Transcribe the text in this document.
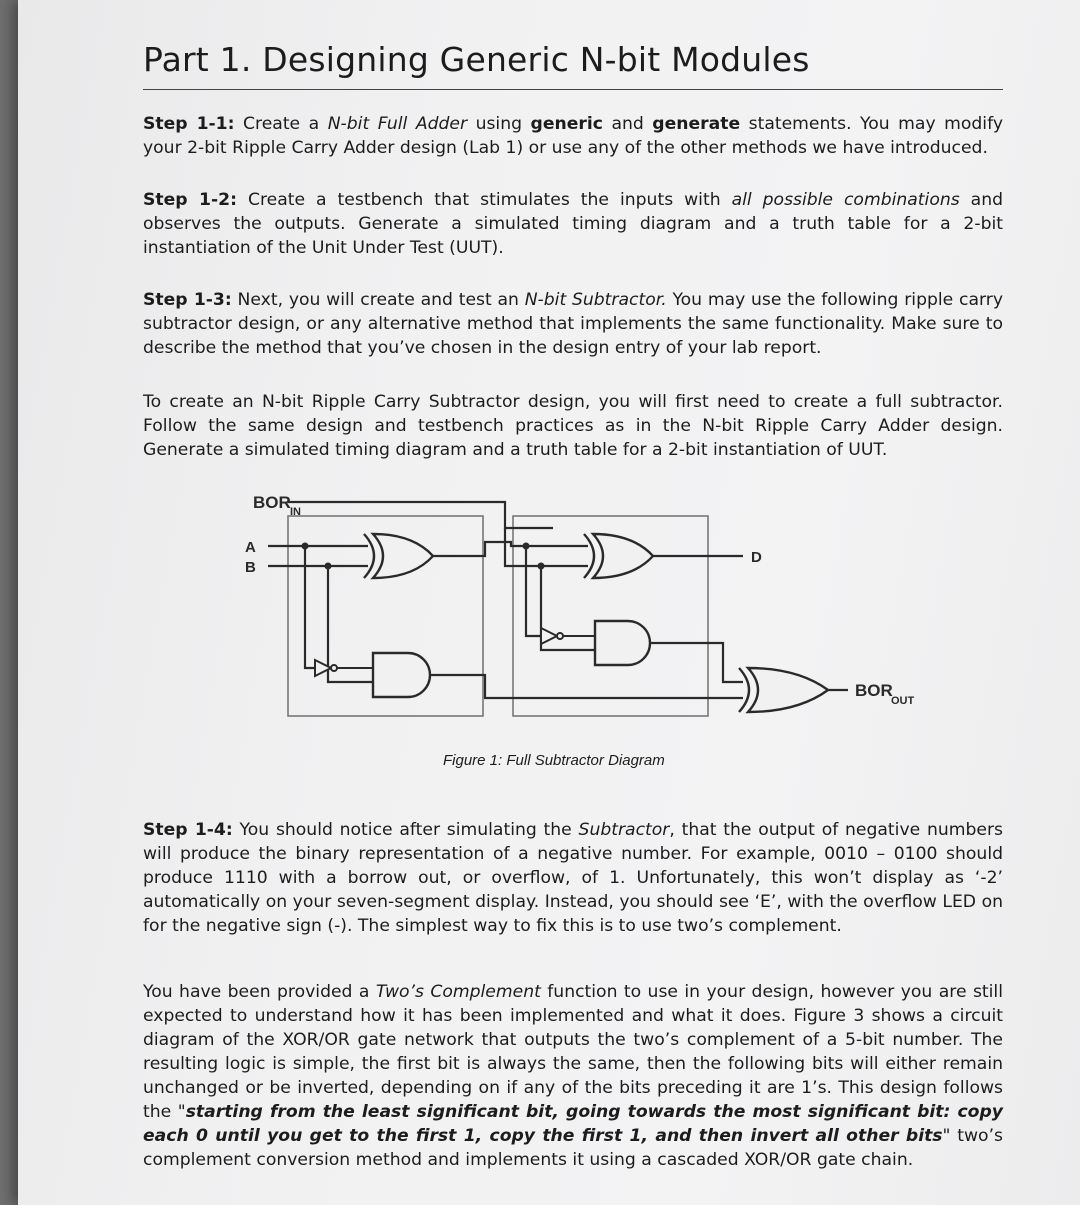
Part 1. Designing Generic N-bit Modules

Step 1-1: Create a N-bit Full Adder using generic and generate statements. You may modify your 2-bit Ripple Carry Adder design (Lab 1) or use any of the other methods we have introduced.

Step 1-2: Create a testbench that stimulates the inputs with all possible combinations and observes the outputs. Generate a simulated timing diagram and a truth table for a 2-bit instantiation of the Unit Under Test (UUT).

Step 1-3: Next, you will create and test an N-bit Subtractor. You may use the following ripple carry subtractor design, or any alternative method that implements the same functionality. Make sure to describe the method that you’ve chosen in the design entry of your lab report.

To create an N-bit Ripple Carry Subtractor design, you will first need to create a full subtractor. Follow the same design and testbench practices as in the N-bit Ripple Carry Adder design. Generate a simulated timing diagram and a truth table for a 2-bit instantiation of UUT.

BOR IN
A
B
D
BOR
OUT
Figure 1: Full Subtractor Diagram

Step 1-4: You should notice after simulating the Subtractor, that the output of negative numbers will produce the binary representation of a negative number. For example, 0010 – 0100 should produce 1110 with a borrow out, or overflow, of 1. Unfortunately, this won’t display as ‘-2’ automatically on your seven-segment display. Instead, you should see ‘E’, with the overflow LED on for the negative sign (-). The simplest way to fix this is to use two’s complement.

You have been provided a Two’s Complement function to use in your design, however you are still expected to understand how it has been implemented and what it does. Figure 3 shows a circuit diagram of the XOR/OR gate network that outputs the two’s complement of a 5-bit number. The resulting logic is simple, the first bit is always the same, then the following bits will either remain unchanged or be inverted, depending on if any of the bits preceding it are 1’s. This design follows the "starting from the least significant bit, going towards the most significant bit: copy each 0 until you get to the first 1, copy the first 1, and then invert all other bits" two’s complement conversion method and implements it using a cascaded XOR/OR gate chain.
